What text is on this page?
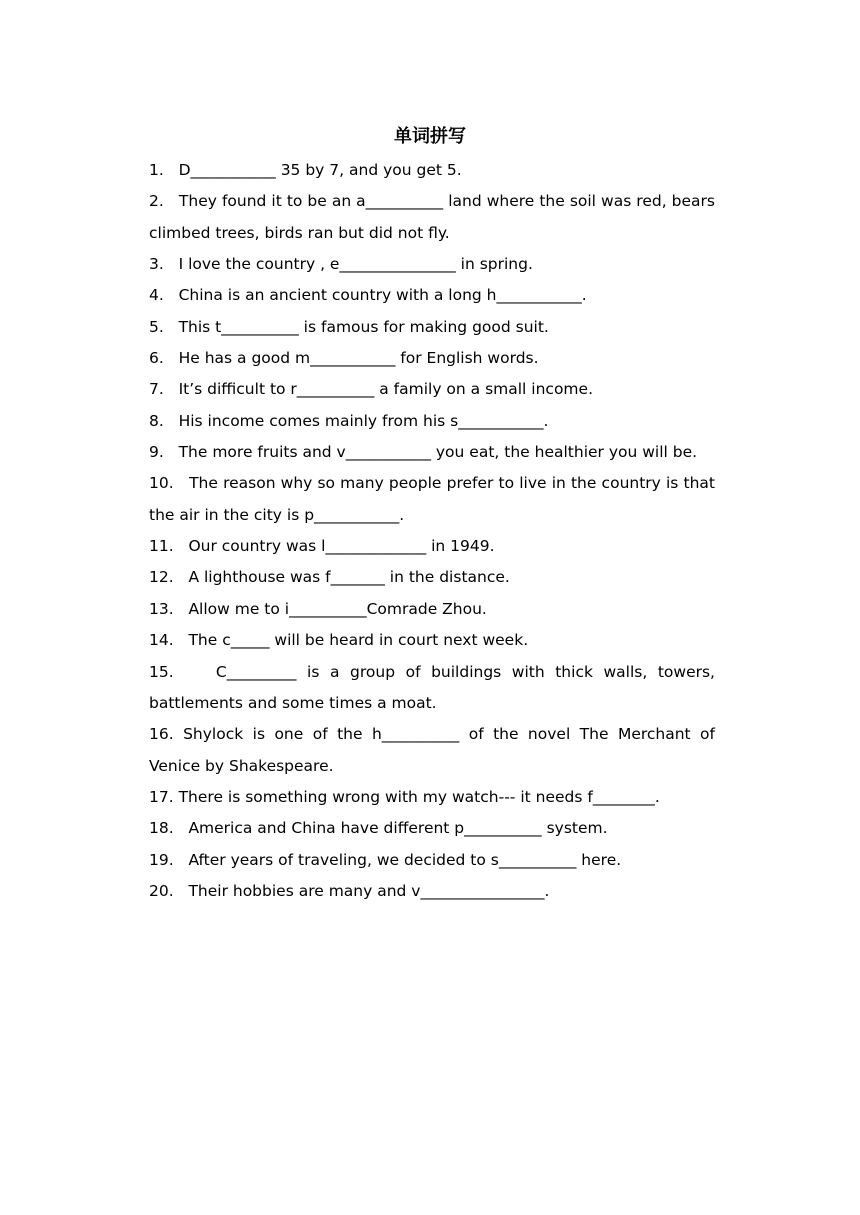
单词拼写
1. D___________ 35 by 7, and you get 5.
2. They found it to be an a__________ land where the soil was red, bears climbed trees, birds ran but did not fly.
3. I love the country , e_______________ in spring.
4. China is an ancient country with a long h___________.
5. This t__________ is famous for making good suit.
6. He has a good m___________ for English words.
7. It’s difficult to r__________ a family on a small income.
8. His income comes mainly from his s___________.
9. The more fruits and v___________ you eat, the healthier you will be.
10. The reason why so many people prefer to live in the country is that the air in the city is p___________.
11. Our country was l_____________ in 1949.
12. A lighthouse was f_______ in the distance.
13. Allow me to i__________Comrade Zhou.
14. The c_____ will be heard in court next week.
15.	C_________ is a group of buildings with thick walls, towers, battlements and some times a moat.
16. Shylock is one of the h__________ of the novel The Merchant of Venice by Shakespeare.
17. There is something wrong with my watch--- it needs f________.
18. America and China have different p__________ system.
19. After years of traveling, we decided to s__________ here.
20. Their hobbies are many and v________________.
